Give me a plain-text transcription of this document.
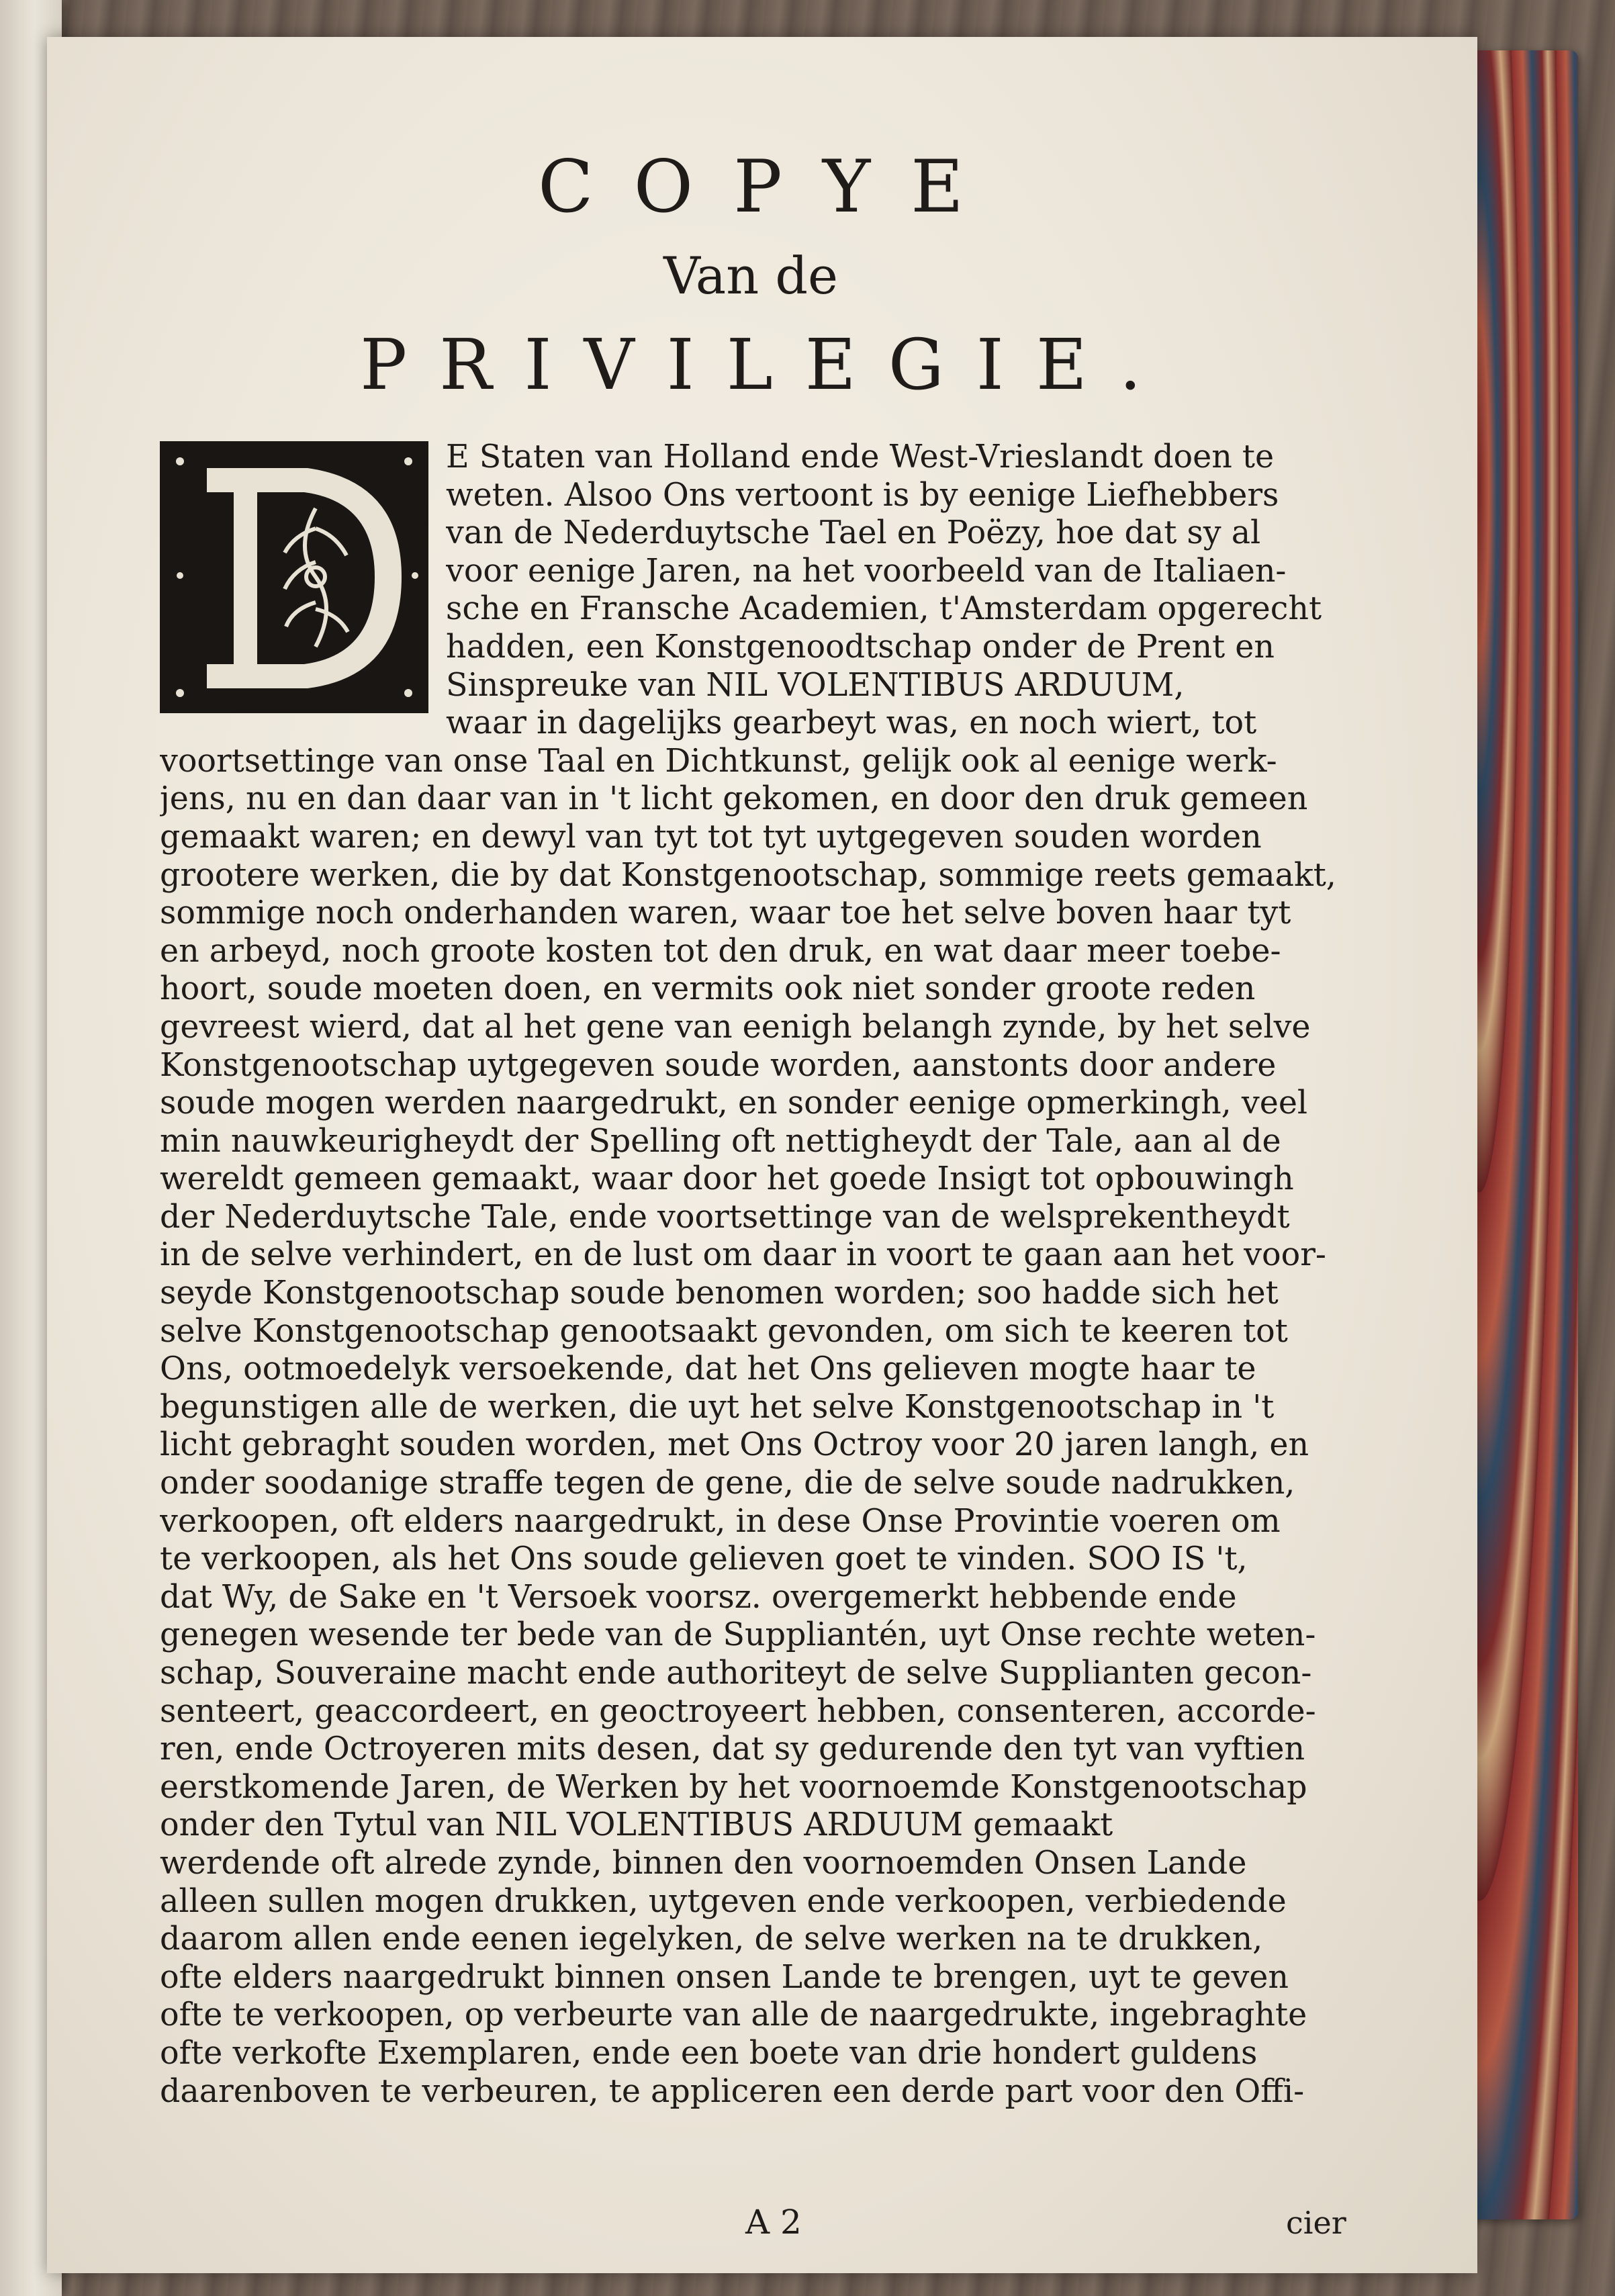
COPYE
Van de
PRIVILEGIE.
E Staten van Holland ende West-Vrieslandt doen te
weten. Alsoo Ons vertoont is by eenige Liefhebbers
van de Nederduytsche Tael en Poëzy, hoe dat sy al
voor eenige Jaren, na het voorbeeld van de Italiaen-
sche en Fransche Academien, t'Amsterdam opgerecht
hadden, een Konstgenoodtschap onder de Prent en
Sinspreuke van NIL VOLENTIBUS ARDUUM,
waar in dagelijks gearbeyt was, en noch wiert, tot
voortsettinge van onse Taal en Dichtkunst, gelijk ook al eenige werk-
jens, nu en dan daar van in 't licht gekomen, en door den druk gemeen
gemaakt waren; en dewyl van tyt tot tyt uytgegeven souden worden
grootere werken, die by dat Konstgenootschap, sommige reets gemaakt,
sommige noch onderhanden waren, waar toe het selve boven haar tyt
en arbeyd, noch groote kosten tot den druk, en wat daar meer toebe-
hoort, soude moeten doen, en vermits ook niet sonder groote reden
gevreest wierd, dat al het gene van eenigh belangh zynde, by het selve
Konstgenootschap uytgegeven soude worden, aanstonts door andere
soude mogen werden naargedrukt, en sonder eenige opmerkingh, veel
min nauwkeurigheydt der Spelling oft nettigheydt der Tale, aan al de
wereldt gemeen gemaakt, waar door het goede Insigt tot opbouwingh
der Nederduytsche Tale, ende voortsettinge van de welsprekentheydt
in de selve verhindert, en de lust om daar in voort te gaan aan het voor-
seyde Konstgenootschap soude benomen worden; soo hadde sich het
selve Konstgenootschap genootsaakt gevonden, om sich te keeren tot
Ons, ootmoedelyk versoekende, dat het Ons gelieven mogte haar te
begunstigen alle de werken, die uyt het selve Konstgenootschap in 't
licht gebraght souden worden, met Ons Octroy voor 20 jaren langh, en
onder soodanige straffe tegen de gene, die de selve soude nadrukken,
verkoopen, oft elders naargedrukt, in dese Onse Provintie voeren om
te verkoopen, als het Ons soude gelieven goet te vinden. SOO IS 't,
dat Wy, de Sake en 't Versoek voorsz. overgemerkt hebbende ende
genegen wesende ter bede van de Suppliantén, uyt Onse rechte weten-
schap, Souveraine macht ende authoriteyt de selve Supplianten gecon-
senteert, geaccordeert, en geoctroyeert hebben, consenteren, accorde-
ren, ende Octroyeren mits desen, dat sy gedurende den tyt van vyftien
eerstkomende Jaren, de Werken by het voornoemde Konstgenootschap
onder den Tytul van NIL VOLENTIBUS ARDUUM gemaakt
werdende oft alrede zynde, binnen den voornoemden Onsen Lande
alleen sullen mogen drukken, uytgeven ende verkoopen, verbiedende
daarom allen ende eenen iegelyken, de selve werken na te drukken,
ofte elders naargedrukt binnen onsen Lande te brengen, uyt te geven
ofte te verkoopen, op verbeurte van alle de naargedrukte, ingebraghte
ofte verkofte Exemplaren, ende een boete van drie hondert guldens
daarenboven te verbeuren, te appliceren een derde part voor den Offi-
A 2	cier
